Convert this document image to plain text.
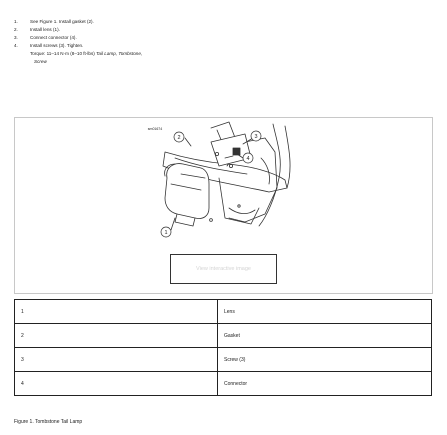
1.	See Figure 1. Install gasket (2).
2.	Install lens (1).
3.	Connect connector (4).
4.	Install screws (3). Tighten.
Torque: 11–14 N·m (8–10 ft-lbs) Tail Lamp, Tombstone,
Screw
2	3
4
1
sm01674
View interactive image
1	Lens
2	Gasket
3	Screw (3)
4	Connector
Figure 1. Tombstone Tail Lamp
